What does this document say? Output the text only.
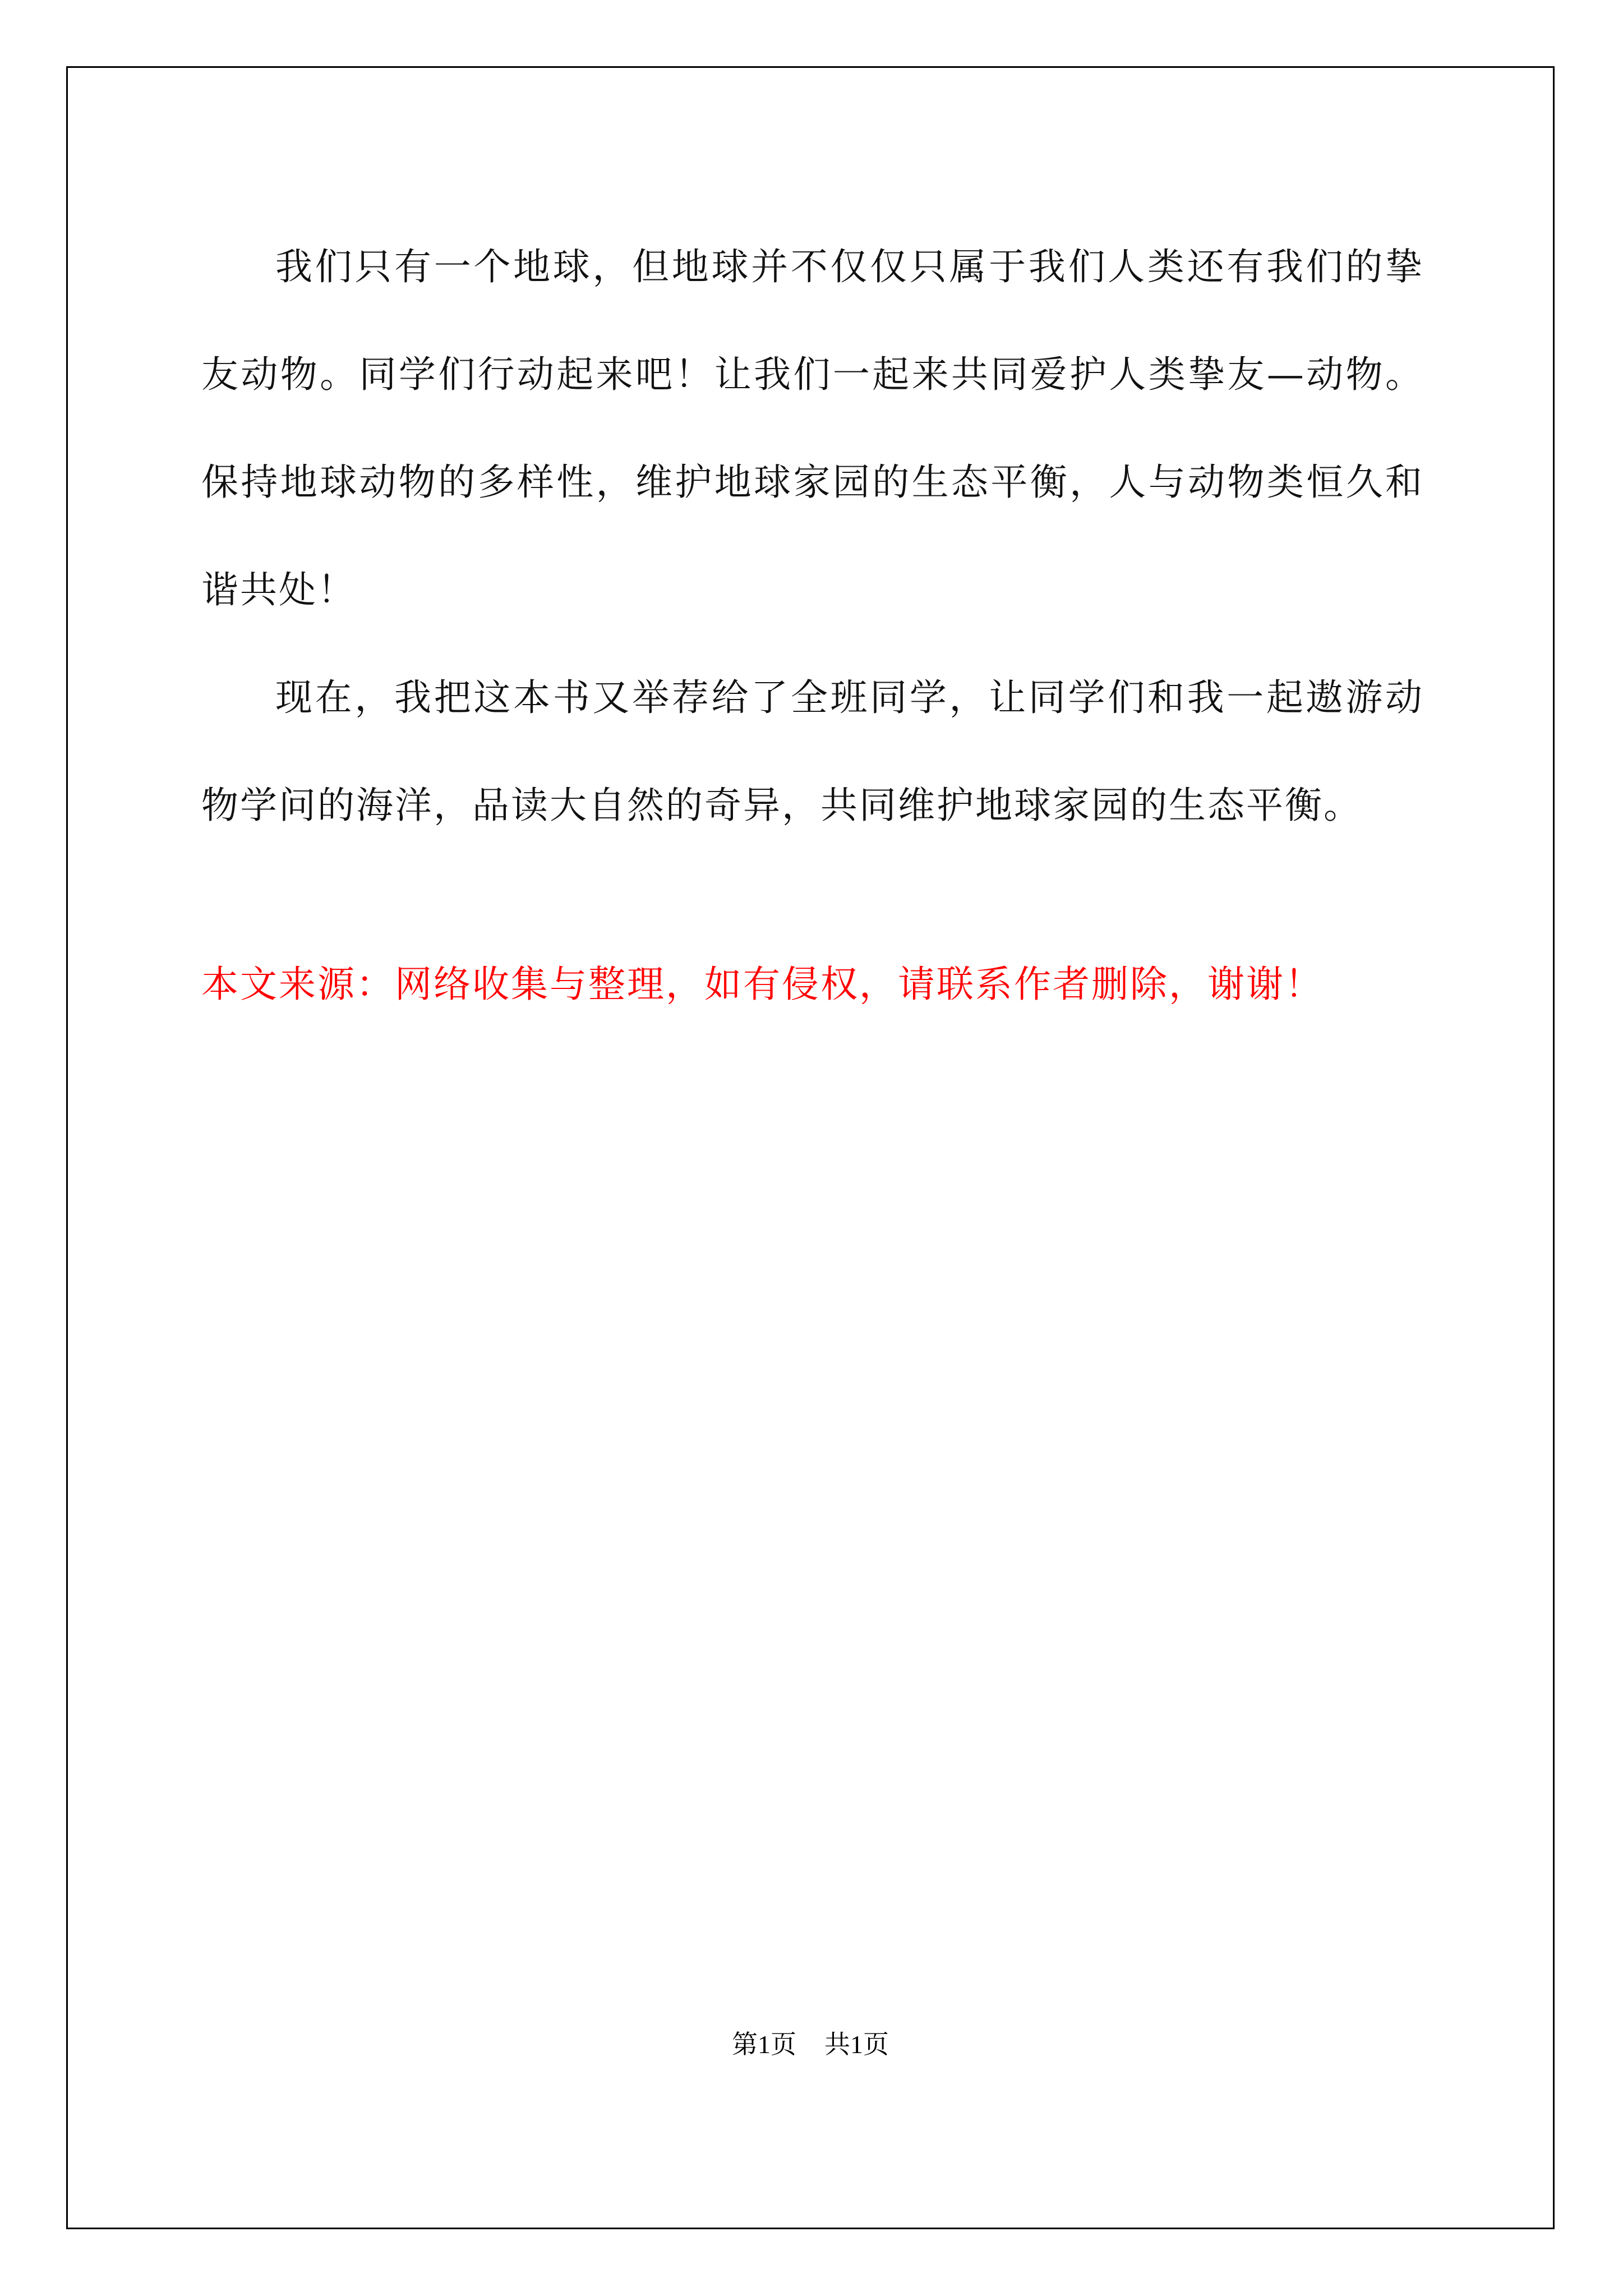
我们只有一个地球，但地球并不仅仅只属于我们人类还有我们的挚友动物。同学们行动起来吧！让我们一起来共同爱护人类挚友—动物。保持地球动物的多样性，维护地球家园的生态平衡，人与动物类恒久和谐共处！

现在，我把这本书又举荐给了全班同学，让同学们和我一起遨游动物学问的海洋，品读大自然的奇异，共同维护地球家园的生态平衡。

本文来源：网络收集与整理，如有侵权，请联系作者删除，谢谢！

第1页 共1页
